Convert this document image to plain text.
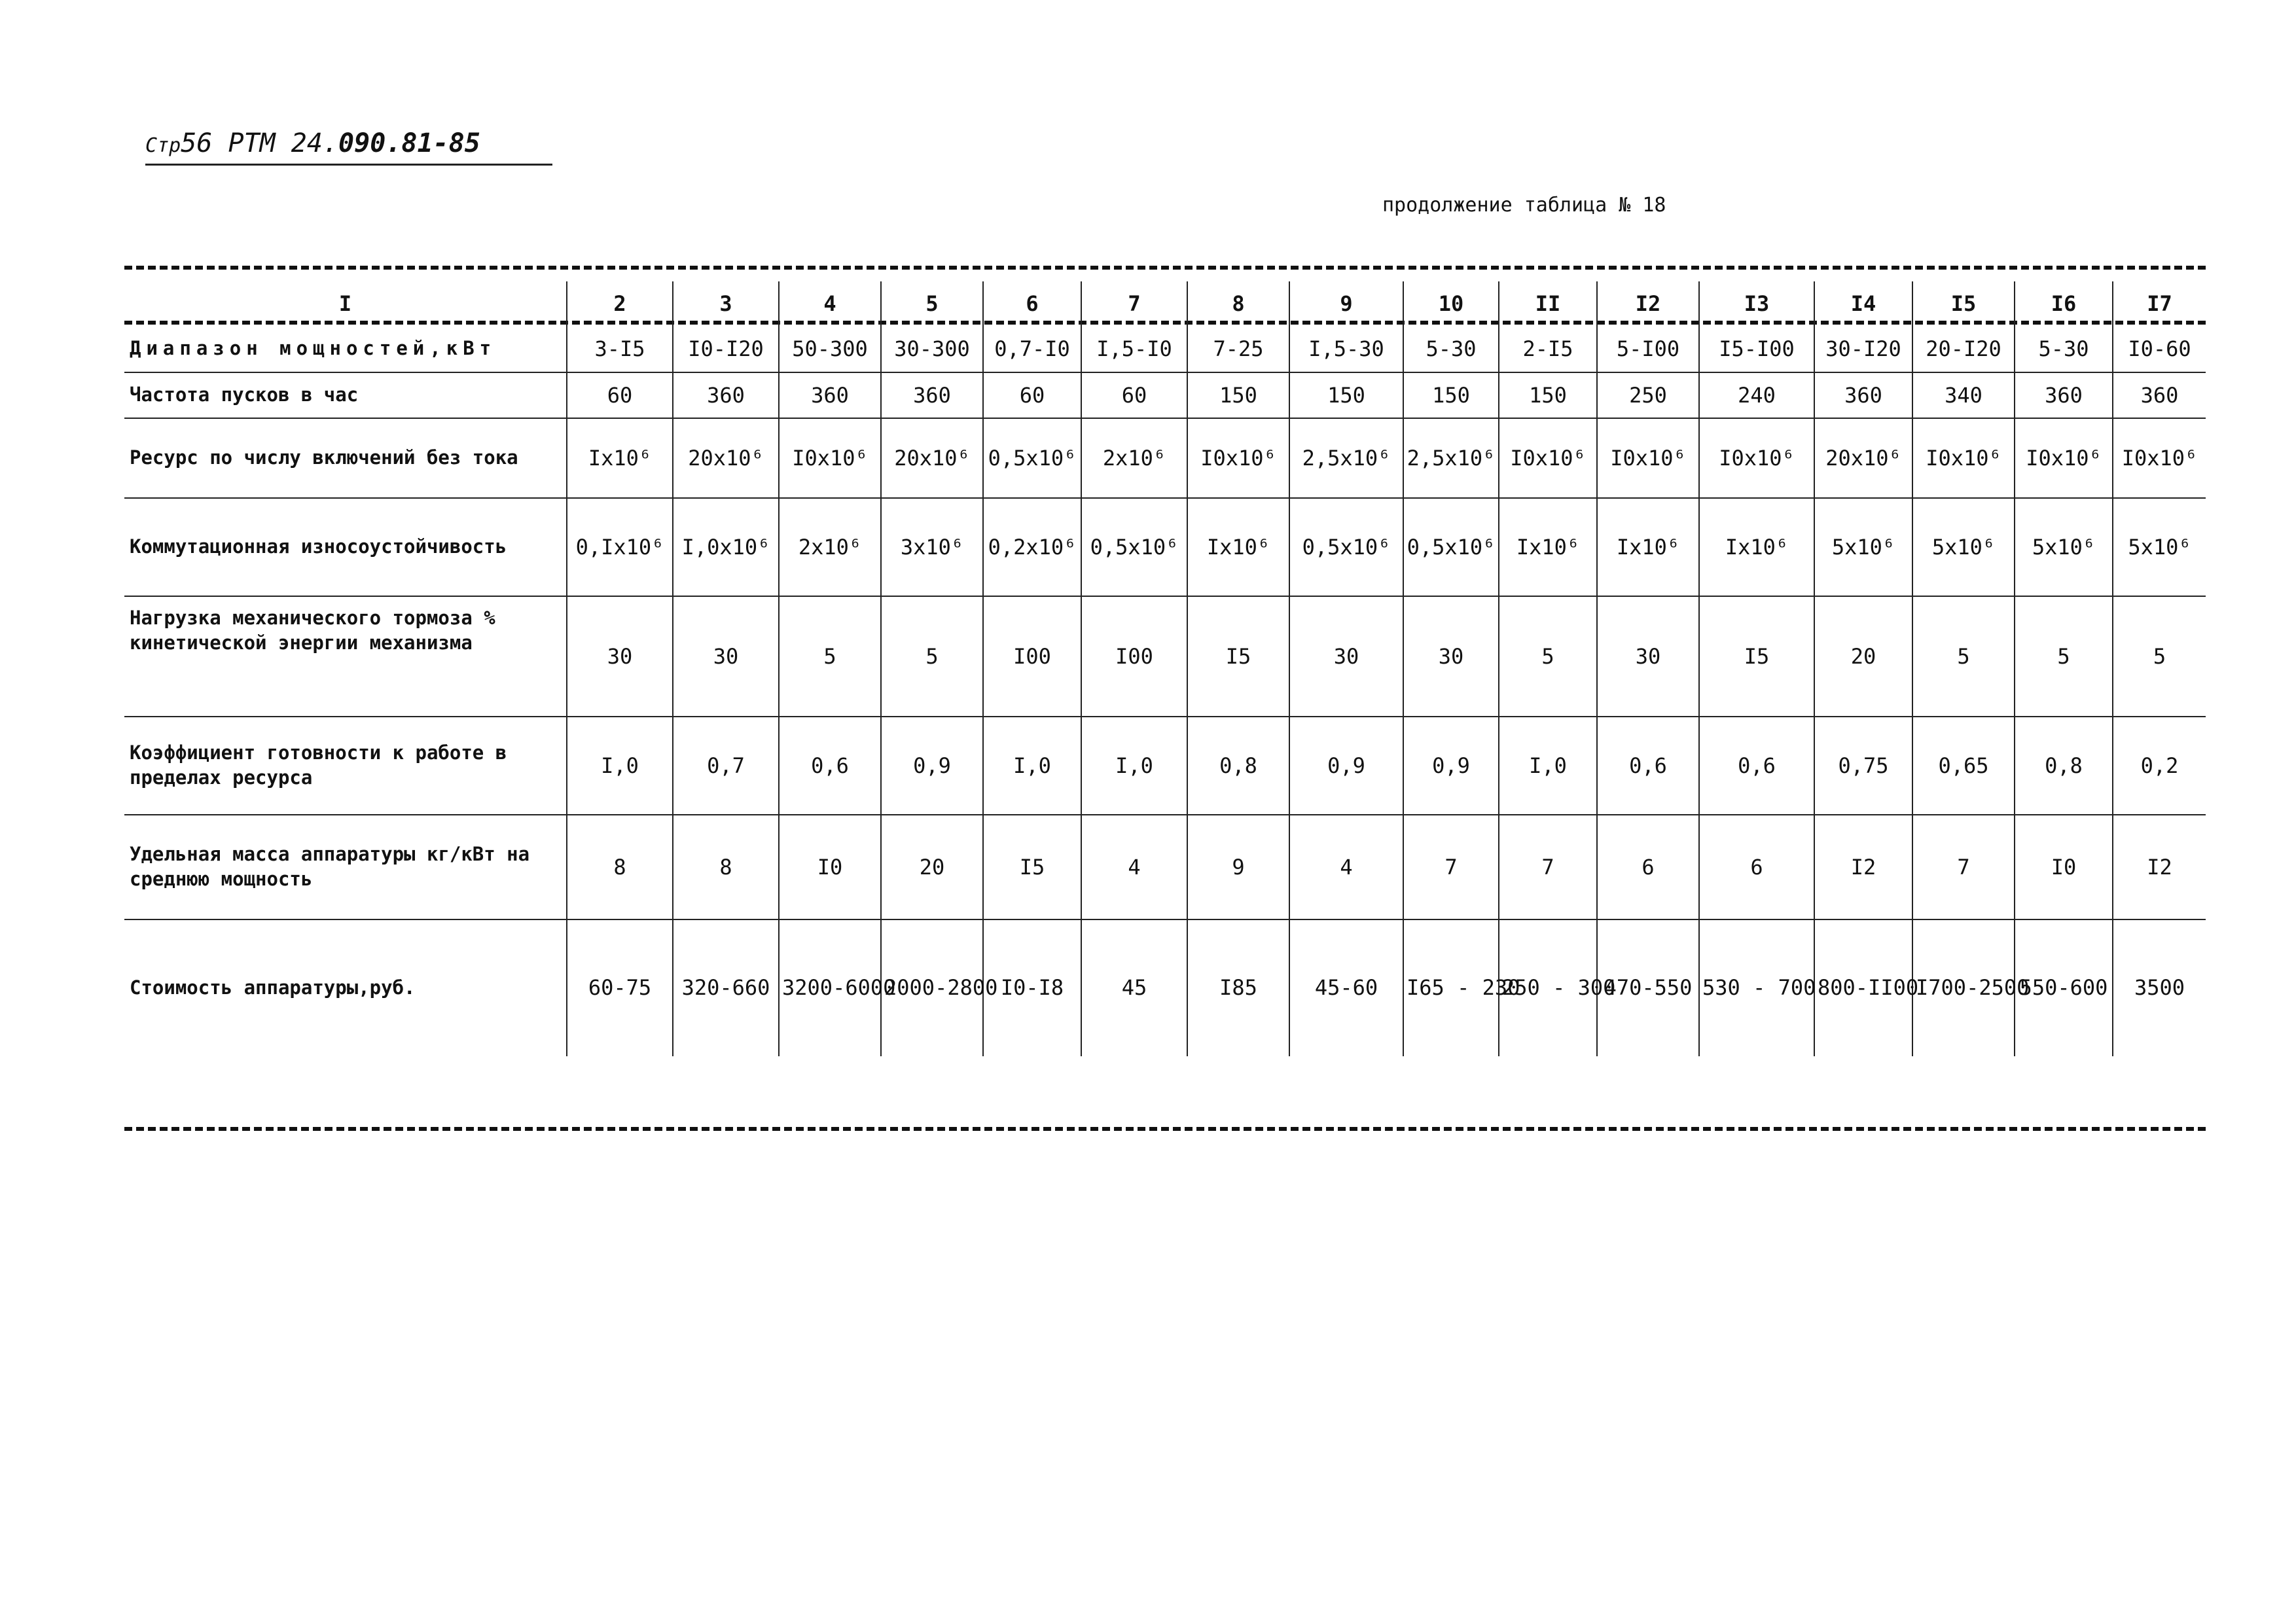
Стр56 РТМ 24.090.81-85
продолжение таблица № 18
I	2	3	4	5	6	7	8	9	10	II	I2	I3	I4	I5	I6	I7
Диапазон мощностей,кВт	3-I5	I0-I20	50-300	30-300	0,7-I0	I,5-I0	7-25	I,5-30	5-30	2-I5	5-I00	I5-I00	30-I20	20-I20	5-30	I0-60
Частота пусков в час	60	360	360	360	60	60	150	150	150	150	250	240	360	340	360	360
Ресурс по числу включений без тока	Ix10⁶	20x10⁶	I0x10⁶	20x10⁶	0,5x10⁶	2x10⁶	I0x10⁶	2,5x10⁶	2,5x10⁶	I0x10⁶	I0x10⁶	I0x10⁶	20x10⁶	I0x10⁶	I0x10⁶	I0x10⁶
Коммутационная износоустойчивость	0,Ix10⁶	I,0x10⁶	2x10⁶	3x10⁶	0,2x10⁶	0,5x10⁶	Ix10⁶	0,5x10⁶	0,5x10⁶	Ix10⁶	Ix10⁶	Ix10⁶	5x10⁶	5x10⁶	5x10⁶	5x10⁶
Нагрузка механического тормоза % кинетической энергии механизма	30	30	5	5	I00	I00	I5	30	30	5	30	I5	20	5	5	5
Коэффициент готовности к работе в пределах ресурса	I,0	0,7	0,6	0,9	I,0	I,0	0,8	0,9	0,9	I,0	0,6	0,6	0,75	0,65	0,8	0,2
Удельная масса аппаратуры кг/кВт на среднюю мощность	8	8	I0	20	I5	4	9	4	7	7	6	6	I2	7	I0	I2
Стоимость аппаратуры,руб.	60-75	320-660	3200-6000	2000-2800	I0-I8	45	I85	45-60	I65 - 230	250 - 300	470-550	530 - 700	800-II00	I700-2500	550-600	3500
